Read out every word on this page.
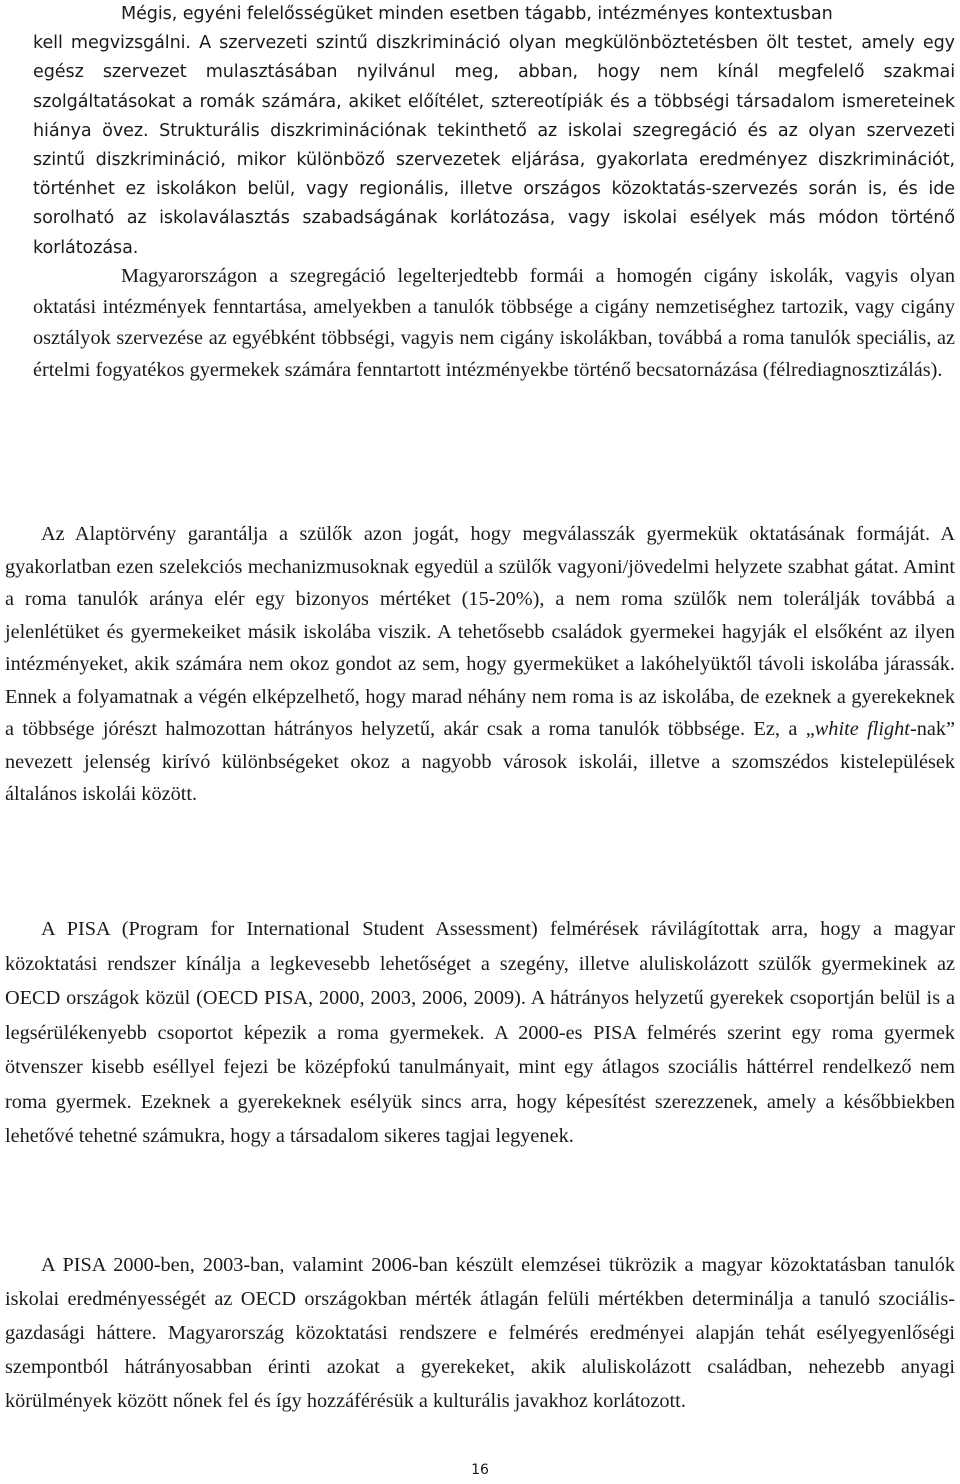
Mégis, egyéni felelősségüket minden esetben tágabb, intézményes kontextusban
kell megvizsgálni. A szervezeti szintű diszkrimináció olyan megkülönböztetésben ölt testet, amely egy egész szervezet mulasztásában nyilvánul meg, abban, hogy nem kínál megfelelő szakmai szolgáltatásokat a romák számára, akiket előítélet, sztereotípiák és a többségi társadalom ismereteinek hiánya övez. Strukturális diszkriminációnak tekinthető az iskolai szegregáció és az olyan szervezeti szintű diszkrimináció, mikor különböző szervezetek eljárása, gyakorlata eredményez diszkriminációt, történhet ez iskolákon belül, vagy regionális, illetve országos közoktatás-szervezés során is, és ide sorolható az iskolaválasztás szabadságának korlátozása, vagy iskolai esélyek más módon történő korlátozása.

Magyarországon a szegregáció legelterjedtebb formái a homogén cigány iskolák, vagyis olyan oktatási intézmények fenntartása, amelyekben a tanulók többsége a cigány nemzetiséghez tartozik, vagy cigány osztályok szervezése az egyébként többségi, vagyis nem cigány iskolákban, továbbá a roma tanulók speciális, az értelmi fogyatékos gyermekek számára fenntartott intézményekbe történő becsatornázása (félrediagnosztizálás).

Az Alaptörvény garantálja a szülők azon jogát, hogy megválasszák gyermekük oktatásának formáját. A gyakorlatban ezen szelekciós mechanizmusoknak egyedül a szülők vagyoni/jövedelmi helyzete szabhat gátat. Amint a roma tanulók aránya elér egy bizonyos mértéket (15-20%), a nem roma szülők nem tolerálják továbbá a jelenlétüket és gyermekeiket másik iskolába viszik. A tehetősebb családok gyermekei hagyják el elsőként az ilyen intézményeket, akik számára nem okoz gondot az sem, hogy gyermeküket a lakóhelyüktől távoli iskolába járassák. Ennek a folyamatnak a végén elképzelhető, hogy marad néhány nem roma is az iskolába, de ezeknek a gyerekeknek a többsége jórészt halmozottan hátrányos helyzetű, akár csak a roma tanulók többsége. Ez, a „white flight-nak” nevezett jelenség kirívó különbségeket okoz a nagyobb városok iskolái, illetve a szomszédos kistelepülések általános iskolái között.

A PISA (Program for International Student Assessment) felmérések rávilágítottak arra, hogy a magyar közoktatási rendszer kínálja a legkevesebb lehetőséget a szegény, illetve aluliskolázott szülők gyermekinek az OECD országok közül (OECD PISA, 2000, 2003, 2006, 2009). A hátrányos helyzetű gyerekek csoportján belül is a legsérülékenyebb csoportot képezik a roma gyermekek. A 2000-es PISA felmérés szerint egy roma gyermek ötvenszer kisebb eséllyel fejezi be középfokú tanulmányait, mint egy átlagos szociális háttérrel rendelkező nem roma gyermek. Ezeknek a gyerekeknek esélyük sincs arra, hogy képesítést szerezzenek, amely a későbbiekben lehetővé tehetné számukra, hogy a társadalom sikeres tagjai legyenek.

A PISA 2000-ben, 2003-ban, valamint 2006-ban készült elemzései tükrözik a magyar közoktatásban tanulók iskolai eredményességét az OECD országokban mérték átlagán felüli mértékben determinálja a tanuló szociális-gazdasági háttere. Magyarország közoktatási rendszere e felmérés eredményei alapján tehát esélyegyenlőségi szempontból hátrányosabban érinti azokat a gyerekeket, akik aluliskolázott családban, nehezebb anyagi körülmények között nőnek fel és így hozzáférésük a kulturális javakhoz korlátozott.

16
